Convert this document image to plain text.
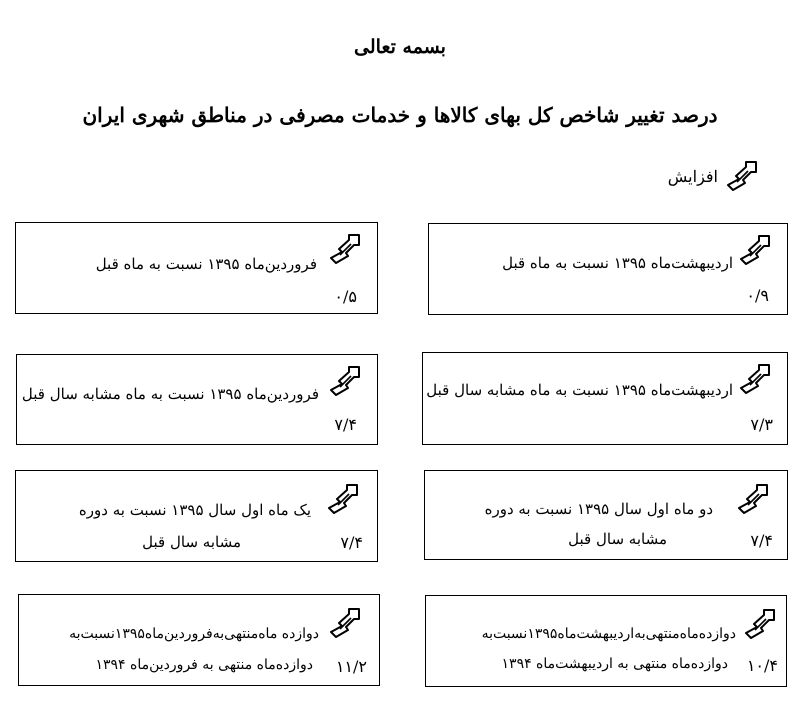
بسمه تعالی
درصد تغییر شاخص کل بهای کالاها و خدمات مصرفی در مناطق شهری ایران
افزایش
اردیبهشت‌ماه ۱۳۹۵ نسبت به ماه قبل
۰/۹
فروردین‌ماه ۱۳۹۵ نسبت به ماه قبل
۰/۵
اردیبهشت‌ماه ۱۳۹۵ نسبت به ماه مشابه سال قبل
۷/۳
فروردین‌ماه ۱۳۹۵ نسبت به ماه مشابه سال قبل
۷/۴
دو ماه اول سال ۱۳۹۵ نسبت به دوره
مشابه سال قبل	۷/۴
یک ماه اول سال ۱۳۹۵ نسبت به دوره
مشابه سال قبل	۷/۴
دوازده‌ماه‌منتهی‌به‌اردیبهشت‌ماه۱۳۹۵نسبت‌به
دوازده‌ماه منتهی به اردیبهشت‌ماه ۱۳۹۴ ۱۰/۴
دوازده ماه‌منتهی‌به‌فروردین‌ماه۱۳۹۵نسبت‌به
دوازده‌ماه منتهی به فروردین‌ماه ۱۳۹۴ ۱۱/۲
